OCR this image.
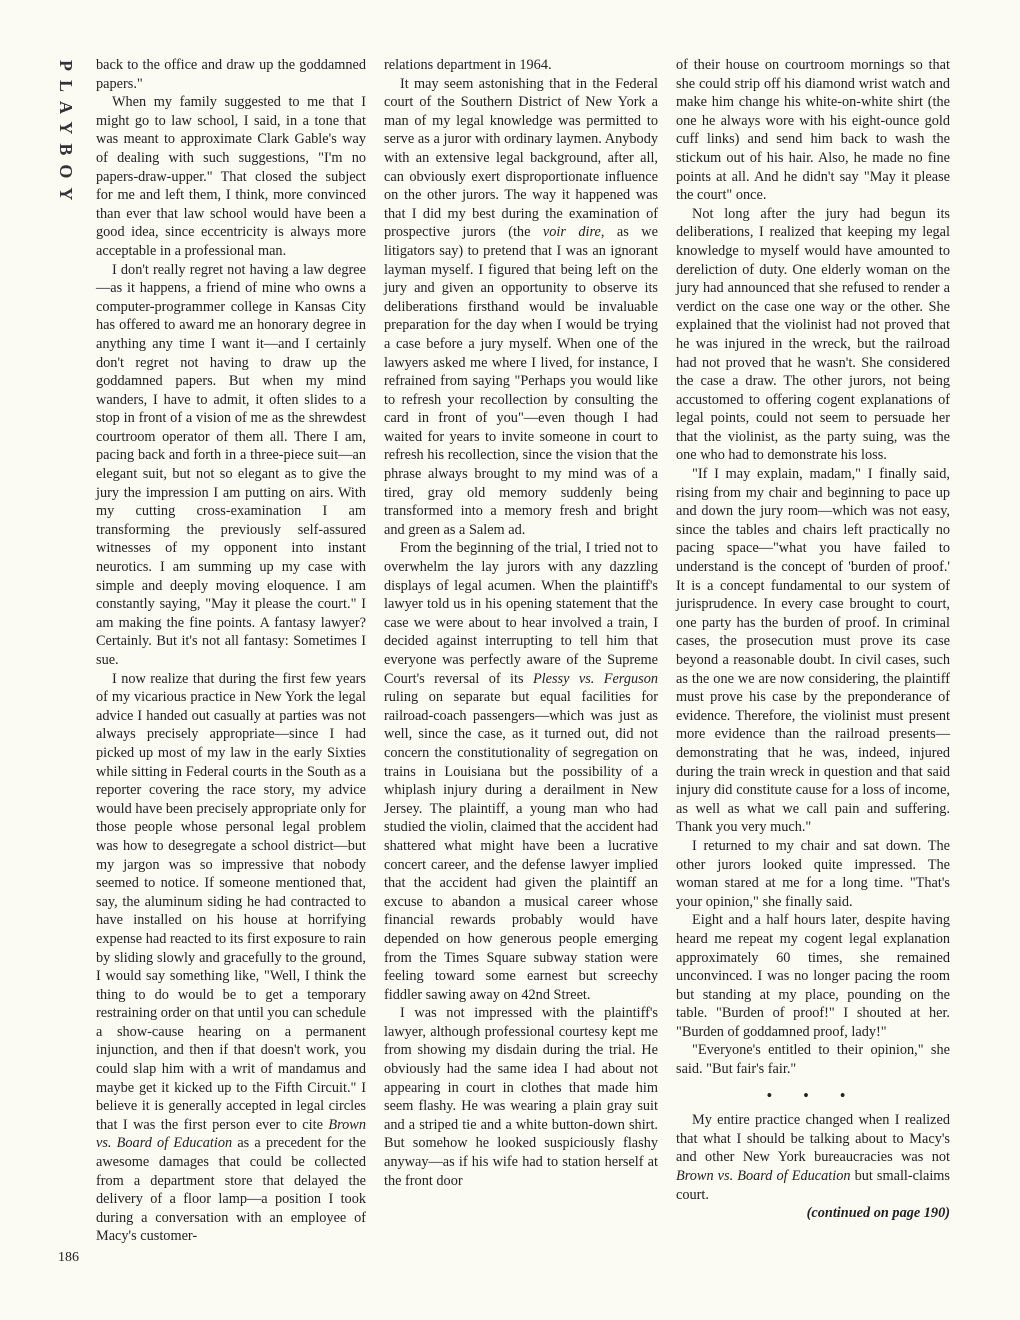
PLAYBOY back to the office and draw up the goddamned papers."

When my family suggested to me that I might go to law school, I said, in a tone that was meant to approximate Clark Gable's way of dealing with such suggestions, "I'm no papers-draw-upper." That closed the subject for me and left them, I think, more convinced than ever that law school would have been a good idea, since eccentricity is always more acceptable in a professional man.

I don't really regret not having a law degree—as it happens, a friend of mine who owns a computer-programmer college in Kansas City has offered to award me an honorary degree in anything any time I want it—and I certainly don't regret not having to draw up the goddamned papers. But when my mind wanders, I have to admit, it often slides to a stop in front of a vision of me as the shrewdest courtroom operator of them all. There I am, pacing back and forth in a three-piece suit—an elegant suit, but not so elegant as to give the jury the impression I am putting on airs. With my cutting cross-examination I am transforming the previously self-assured witnesses of my opponent into instant neurotics. I am summing up my case with simple and deeply moving eloquence. I am constantly saying, "May it please the court." I am making the fine points. A fantasy lawyer? Certainly. But it's not all fantasy: Sometimes I sue.

I now realize that during the first few years of my vicarious practice in New York the legal advice I handed out casually at parties was not always precisely appropriate—since I had picked up most of my law in the early Sixties while sitting in Federal courts in the South as a reporter covering the race story, my advice would have been precisely appropriate only for those people whose personal legal problem was how to desegregate a school district—but my jargon was so impressive that nobody seemed to notice. If someone mentioned that, say, the aluminum siding he had contracted to have installed on his house at horrifying expense had reacted to its first exposure to rain by sliding slowly and gracefully to the ground, I would say something like, "Well, I think the thing to do would be to get a temporary restraining order on that until you can schedule a show-cause hearing on a permanent injunction, and then if that doesn't work, you could slap him with a writ of mandamus and maybe get it kicked up to the Fifth Circuit." I believe it is generally accepted in legal circles that I was the first person ever to cite Brown vs. Board of Education as a precedent for the awesome damages that could be collected from a department store that delayed the delivery of a floor lamp—a position I took during a conversation with an employee of Macy's customer-

relations department in 1964.

It may seem astonishing that in the Federal court of the Southern District of New York a man of my legal knowledge was permitted to serve as a juror with ordinary laymen. Anybody with an extensive legal background, after all, can obviously exert disproportionate influence on the other jurors. The way it happened was that I did my best during the examination of prospective jurors (the voir dire, as we litigators say) to pretend that I was an ignorant layman myself. I figured that being left on the jury and given an opportunity to observe its deliberations firsthand would be invaluable preparation for the day when I would be trying a case before a jury myself. When one of the lawyers asked me where I lived, for instance, I refrained from saying "Perhaps you would like to refresh your recollection by consulting the card in front of you"—even though I had waited for years to invite someone in court to refresh his recollection, since the vision that the phrase always brought to my mind was of a tired, gray old memory suddenly being transformed into a memory fresh and bright and green as a Salem ad.

From the beginning of the trial, I tried not to overwhelm the lay jurors with any dazzling displays of legal acumen. When the plaintiff's lawyer told us in his opening statement that the case we were about to hear involved a train, I decided against interrupting to tell him that everyone was perfectly aware of the Supreme Court's reversal of its Plessy vs. Ferguson ruling on separate but equal facilities for railroad-coach passengers—which was just as well, since the case, as it turned out, did not concern the constitutionality of segregation on trains in Louisiana but the possibility of a whiplash injury during a derailment in New Jersey. The plaintiff, a young man who had studied the violin, claimed that the accident had shattered what might have been a lucrative concert career, and the defense lawyer implied that the accident had given the plaintiff an excuse to abandon a musical career whose financial rewards probably would have depended on how generous people emerging from the Times Square subway station were feeling toward some earnest but screechy fiddler sawing away on 42nd Street.

I was not impressed with the plaintiff's lawyer, although professional courtesy kept me from showing my disdain during the trial. He obviously had the same idea I had about not appearing in court in clothes that made him seem flashy. He was wearing a plain gray suit and a striped tie and a white button-down shirt. But somehow he looked suspiciously flashy anyway—as if his wife had to station herself at the front door

of their house on courtroom mornings so that she could strip off his diamond wrist watch and make him change his white-on-white shirt (the one he always wore with his eight-ounce gold cuff links) and send him back to wash the stickum out of his hair. Also, he made no fine points at all. And he didn't say "May it please the court" once.

Not long after the jury had begun its deliberations, I realized that keeping my legal knowledge to myself would have amounted to dereliction of duty. One elderly woman on the jury had announced that she refused to render a verdict on the case one way or the other. She explained that the violinist had not proved that he was injured in the wreck, but the railroad had not proved that he wasn't. She considered the case a draw. The other jurors, not being accustomed to offering cogent explanations of legal points, could not seem to persuade her that the violinist, as the party suing, was the one who had to demonstrate his loss.

"If I may explain, madam," I finally said, rising from my chair and beginning to pace up and down the jury room—which was not easy, since the tables and chairs left practically no pacing space—"what you have failed to understand is the concept of 'burden of proof.' It is a concept fundamental to our system of jurisprudence. In every case brought to court, one party has the burden of proof. In criminal cases, the prosecution must prove its case beyond a reasonable doubt. In civil cases, such as the one we are now considering, the plaintiff must prove his case by the preponderance of evidence. Therefore, the violinist must present more evidence than the railroad presents—demonstrating that he was, indeed, injured during the train wreck in question and that said injury did constitute cause for a loss of income, as well as what we call pain and suffering. Thank you very much."

I returned to my chair and sat down. The other jurors looked quite impressed. The woman stared at me for a long time. "That's your opinion," she finally said.

Eight and a half hours later, despite having heard me repeat my cogent legal explanation approximately 60 times, she remained unconvinced. I was no longer pacing the room but standing at my place, pounding on the table. "Burden of proof!" I shouted at her. "Burden of goddamned proof, lady!"

"Everyone's entitled to their opinion," she said. "But fair's fair."

• • •

My entire practice changed when I realized that what I should be talking about to Macy's and other New York bureaucracies was not Brown vs. Board of Education but small-claims court.

(continued on page 190)

186
